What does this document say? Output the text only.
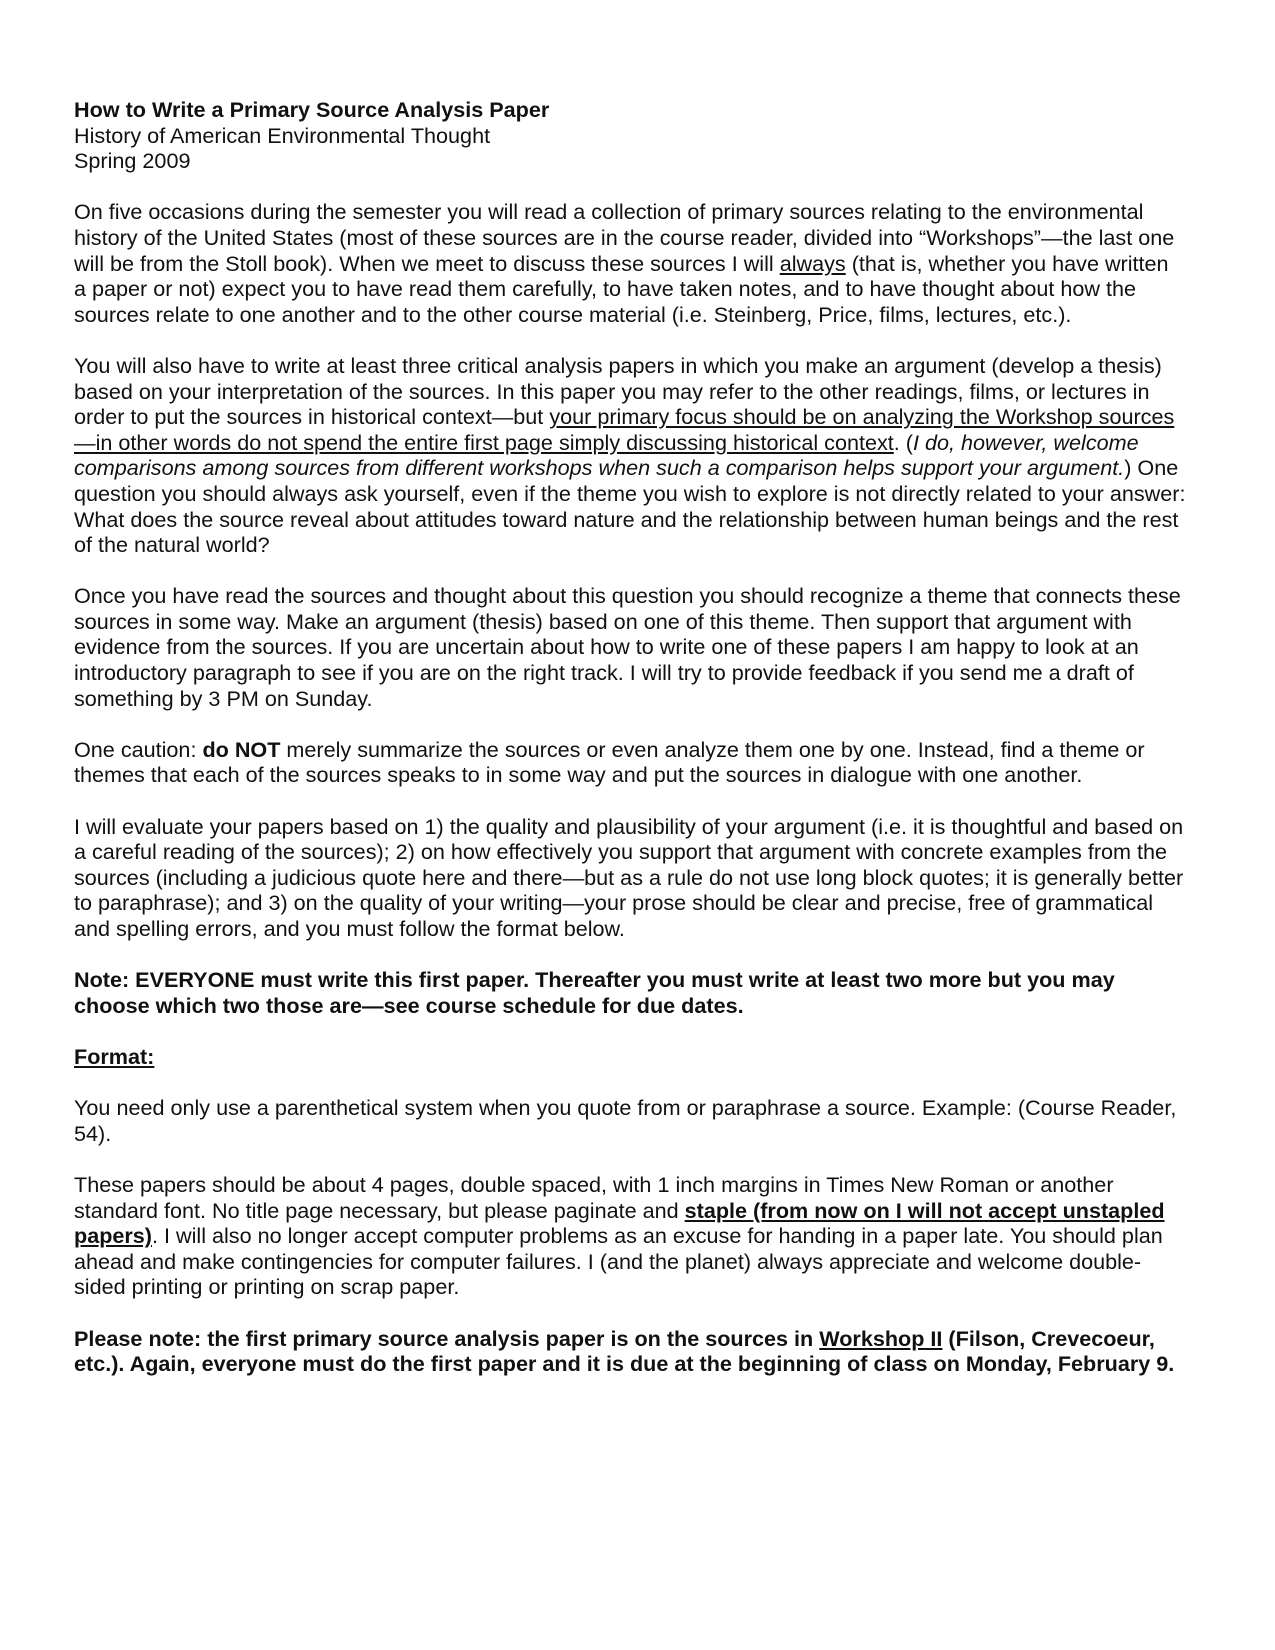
How to Write a Primary Source Analysis Paper

History of American Environmental Thought

Spring 2009

On five occasions during the semester you will read a collection of primary sources relating to the environmental history of the United States (most of these sources are in the course reader, divided into “Workshops”—the last one will be from the Stoll book). When we meet to discuss these sources I will always (that is, whether you have written a paper or not) expect you to have read them carefully, to have taken notes, and to have thought about how the sources relate to one another and to the other course material (i.e. Steinberg, Price, films, lectures, etc.).

You will also have to write at least three critical analysis papers in which you make an argument (develop a thesis) based on your interpretation of the sources. In this paper you may refer to the other readings, films, or lectures in order to put the sources in historical context—but your primary focus should be on analyzing the Workshop sources—in other words do not spend the entire first page simply discussing historical context. (I do, however, welcome comparisons among sources from different workshops when such a comparison helps support your argument.) One question you should always ask yourself, even if the theme you wish to explore is not directly related to your answer: What does the source reveal about attitudes toward nature and the relationship between human beings and the rest of the natural world?

Once you have read the sources and thought about this question you should recognize a theme that connects these sources in some way. Make an argument (thesis) based on one of this theme. Then support that argument with evidence from the sources. If you are uncertain about how to write one of these papers I am happy to look at an introductory paragraph to see if you are on the right track. I will try to provide feedback if you send me a draft of something by 3 PM on Sunday.

One caution: do NOT merely summarize the sources or even analyze them one by one. Instead, find a theme or themes that each of the sources speaks to in some way and put the sources in dialogue with one another.

I will evaluate your papers based on 1) the quality and plausibility of your argument (i.e. it is thoughtful and based on a careful reading of the sources); 2) on how effectively you support that argument with concrete examples from the sources (including a judicious quote here and there—but as a rule do not use long block quotes; it is generally better to paraphrase); and 3) on the quality of your writing—your prose should be clear and precise, free of grammatical and spelling errors, and you must follow the format below.

Note: EVERYONE must write this first paper. Thereafter you must write at least two more but you may choose which two those are—see course schedule for due dates.

Format:

You need only use a parenthetical system when you quote from or paraphrase a source. Example: (Course Reader, 54).

These papers should be about 4 pages, double spaced, with 1 inch margins in Times New Roman or another standard font. No title page necessary, but please paginate and staple (from now on I will not accept unstapled papers). I will also no longer accept computer problems as an excuse for handing in a paper late. You should plan ahead and make contingencies for computer failures. I (and the planet) always appreciate and welcome double-sided printing or printing on scrap paper.

Please note: the first primary source analysis paper is on the sources in Workshop II (Filson, Crevecoeur, etc.). Again, everyone must do the first paper and it is due at the beginning of class on Monday, February 9.
